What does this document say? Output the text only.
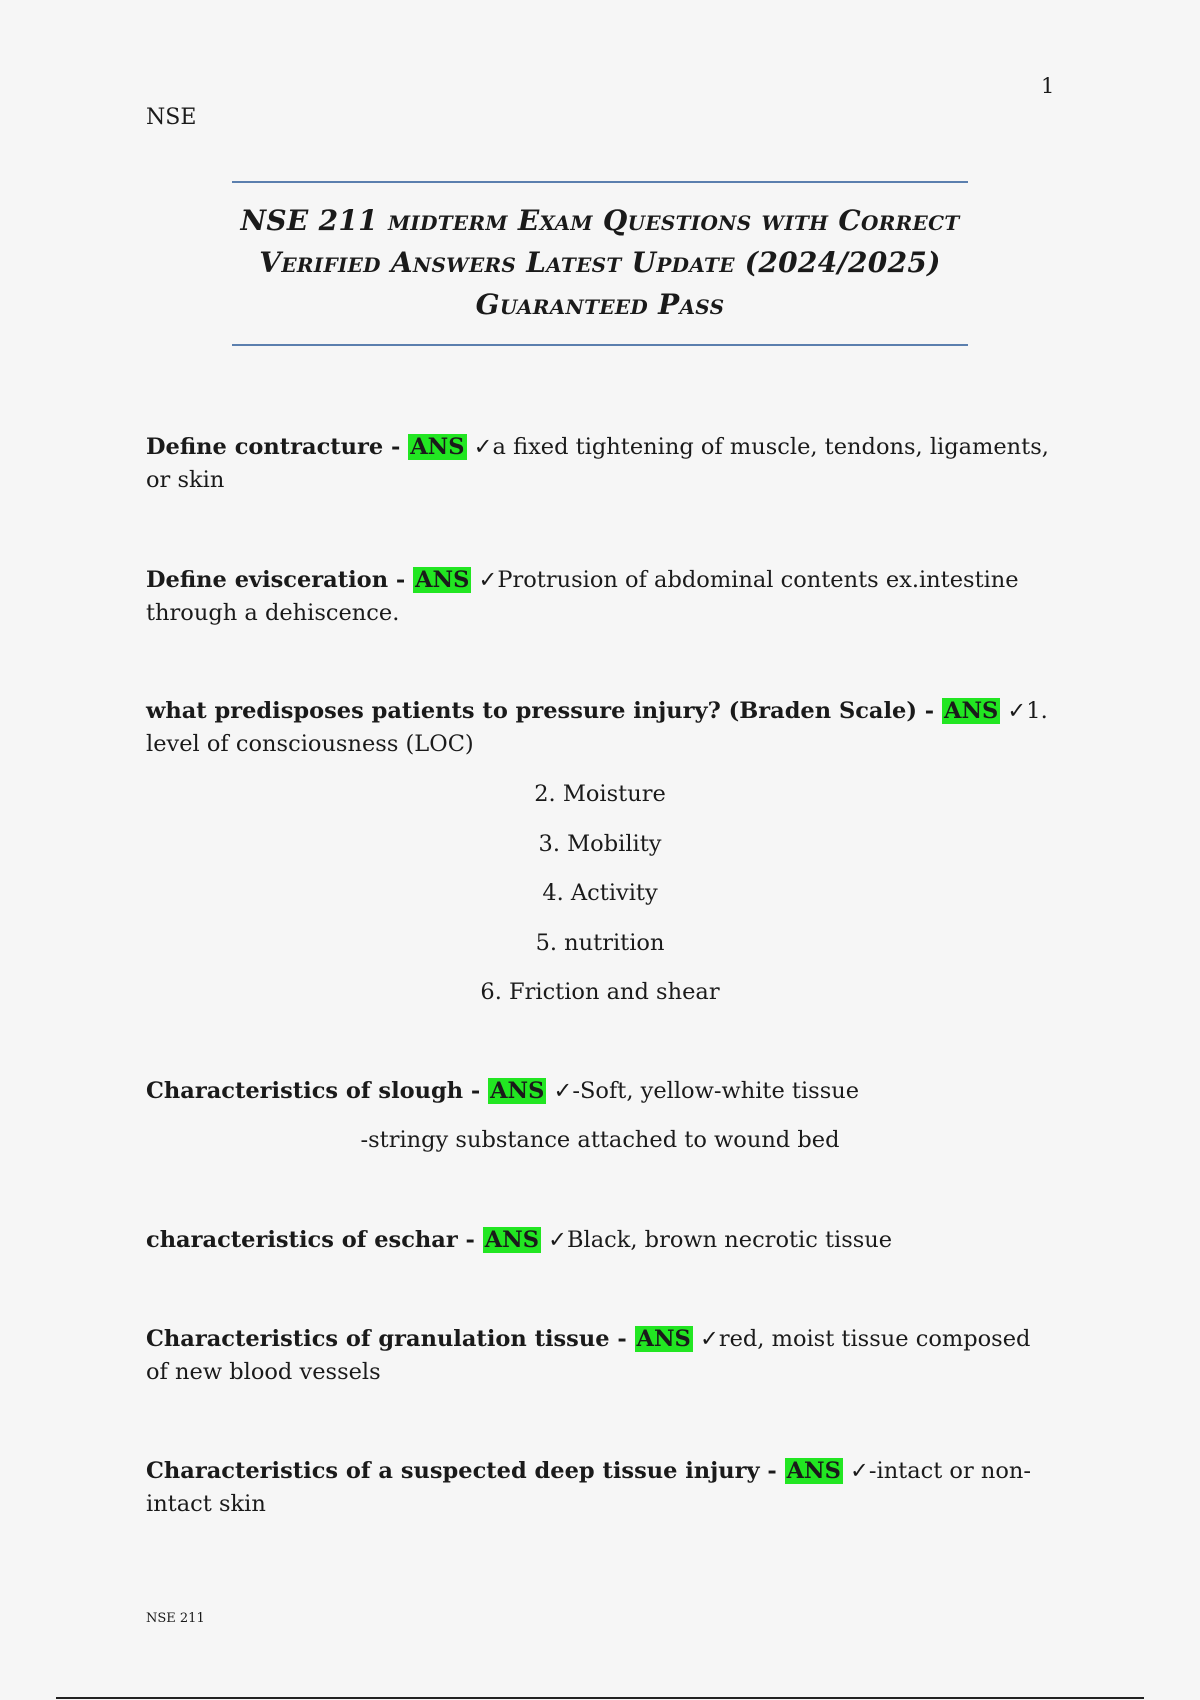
1
NSE
NSE 211 midterm Exam Questions with Correct
Verified Answers Latest Update (2024/2025)
Guaranteed Pass
Define contracture - ANS ✓a fixed tightening of muscle, tendons, ligaments, or skin
Define evisceration - ANS ✓Protrusion of abdominal contents ex.intestine through a dehiscence.
what predisposes patients to pressure injury? (Braden Scale) - ANS ✓1. level of consciousness (LOC)
2. Moisture
3. Mobility
4. Activity
5. nutrition
6. Friction and shear
Characteristics of slough - ANS ✓-Soft, yellow-white tissue
-stringy substance attached to wound bed
characteristics of eschar - ANS ✓Black, brown necrotic tissue
Characteristics of granulation tissue - ANS ✓red, moist tissue composed of new blood vessels
Characteristics of a suspected deep tissue injury - ANS ✓-intact or non-intact skin
NSE 211
